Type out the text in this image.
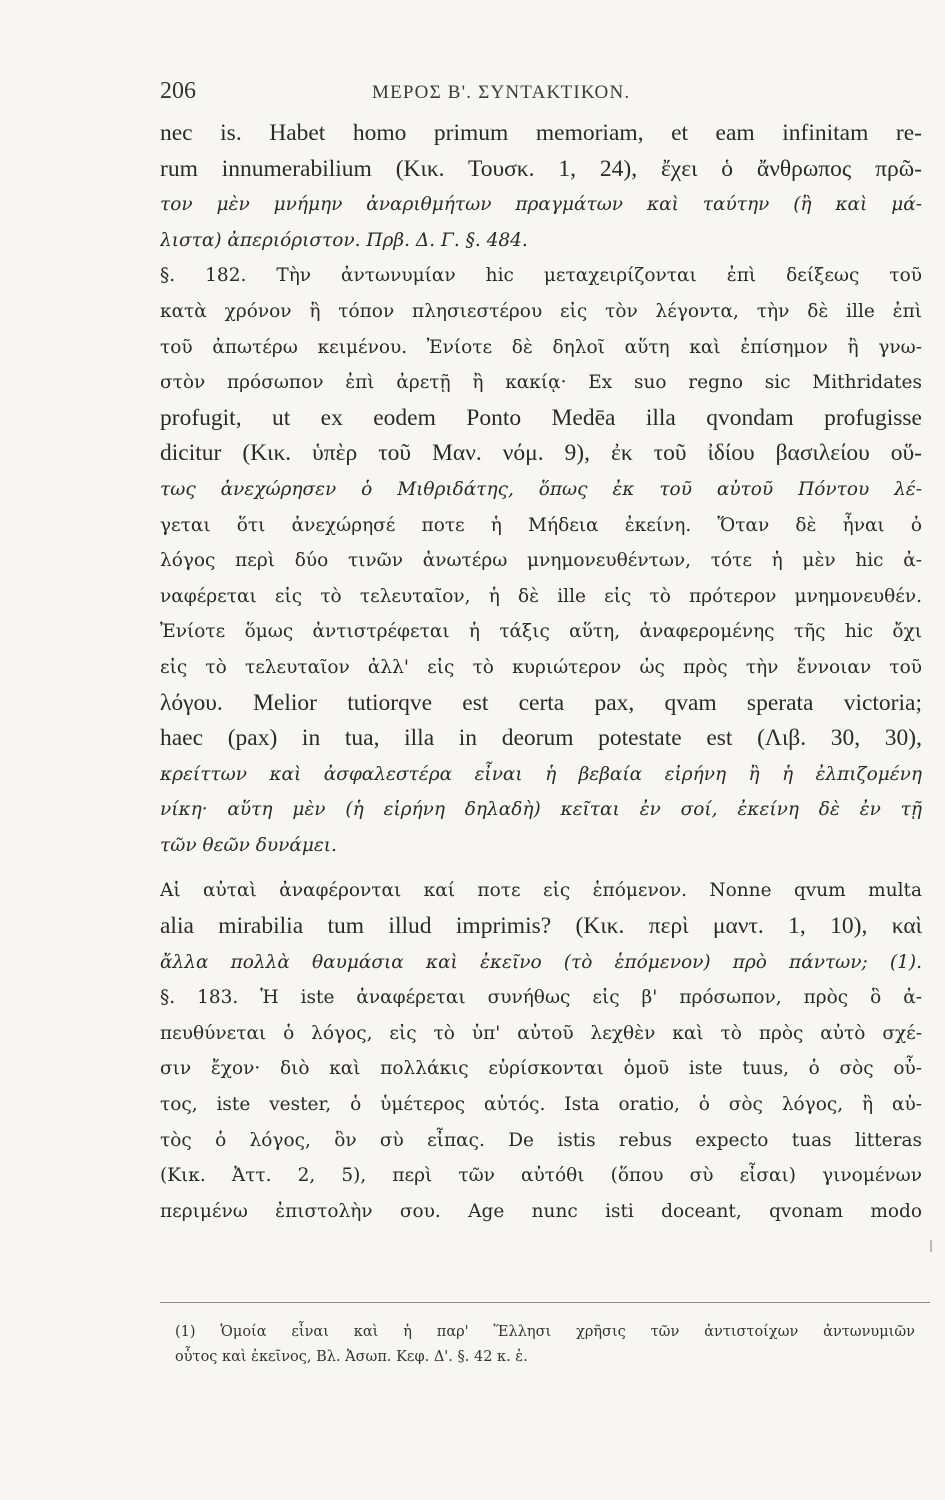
206	ΜΕΡΟΣ Β'. ΣΥΝΤΑΚΤΙΚΟΝ.
nec is. Habet homo primum memoriam, et eam infinitam re-
rum innumerabilium (Κικ. Τουσκ. 1, 24), ἔχει ὁ ἄνθρωπος πρῶ-
τον μὲν μνήμην ἀναριθμήτων πραγμάτων καὶ ταύτην (ἢ καὶ μά-
λιστα) ἀπεριόριστον. Πρβ. Δ. Γ. §. 484.
§. 182. Τὴν ἀντωνυμίαν hic μεταχειρίζονται ἐπὶ δείξεως τοῦ
κατὰ χρόνον ἢ τόπον πλησιεστέρου εἰς τὸν λέγοντα, τὴν δὲ ille ἐπὶ
τοῦ ἀπωτέρω κειμένου. Ἐνίοτε δὲ δηλοῖ αὕτη καὶ ἐπίσημον ἢ γνω-
στὸν πρόσωπον ἐπὶ ἀρετῇ ἢ κακίᾳ· Ex suo regno sic Mithridates
profugit, ut ex eodem Ponto Medēa illa qvondam profugisse
dicitur (Κικ. ὑπὲρ τοῦ Μαν. νόμ. 9), ἐκ τοῦ ἰδίου βασιλείου οὕ-
τως ἀνεχώρησεν ὁ Μιθριδάτης, ὅπως ἐκ τοῦ αὐτοῦ Πόντου λέ-
γεται ὅτι ἀνεχώρησέ ποτε ἡ Μήδεια ἐκείνη. Ὅταν δὲ ἦναι ὁ
λόγος περὶ δύο τινῶν ἀνωτέρω μνημονευθέντων, τότε ἡ μὲν hic ἀ-
ναφέρεται εἰς τὸ τελευταῖον, ἡ δὲ ille εἰς τὸ πρότερον μνημονευθέν.
Ἐνίοτε ὅμως ἀντιστρέφεται ἡ τάξις αὕτη, ἀναφερομένης τῆς hic ὄχι
εἰς τὸ τελευταῖον ἀλλ' εἰς τὸ κυριώτερον ὡς πρὸς τὴν ἔννοιαν τοῦ
λόγου. Melior tutiorqve est certa pax, qvam sperata victoria;
haec (pax) in tua, illa in deorum potestate est (Λιβ. 30, 30),
κρείττων καὶ ἀσφαλεστέρα εἶναι ἡ βεβαία εἰρήνη ἢ ἡ ἐλπιζομένη
νίκη· αὕτη μὲν (ἡ εἰρήνη δηλαδὴ) κεῖται ἐν σοί, ἐκείνη δὲ ἐν τῇ
τῶν θεῶν δυνάμει.
Αἱ αὐταὶ ἀναφέρονται καί ποτε εἰς ἑπόμενον. Nonne qvum multa
alia mirabilia tum illud imprimis? (Κικ. περὶ μαντ. 1, 10), καὶ
ἄλλα πολλὰ θαυμάσια καὶ ἐκεῖνο (τὸ ἑπόμενον) πρὸ πάντων; (1).
§. 183. Ἡ iste ἀναφέρεται συνήθως εἰς β' πρόσωπον, πρὸς ὃ ἀ-
πευθύνεται ὁ λόγος, εἰς τὸ ὑπ' αὐτοῦ λεχθὲν καὶ τὸ πρὸς αὐτὸ σχέ-
σιν ἔχον· διὸ καὶ πολλάκις εὑρίσκονται ὁμοῦ iste tuus, ὁ σὸς οὗ-
τος, iste vester, ὁ ὑμέτερος αὐτός. Ista oratio, ὁ σὸς λόγος, ἢ αὐ-
τὸς ὁ λόγος, ὃν σὺ εἶπας. De istis rebus expecto tuas litteras
(Κικ. Ἀττ. 2, 5), περὶ τῶν αὐτόθι (ὅπου σὺ εἶσαι) γινομένων
περιμένω ἐπιστολὴν σου. Age nunc isti doceant, qvonam modo
(1) Ὁμοία εἶναι καὶ ἡ παρ' Ἕλλησι χρῆσις τῶν ἀντιστοίχων ἀντωνυμιῶν
οὗτος καὶ ἐκεῖνος, Βλ. Ἀσωπ. Κεφ. Δ'. §. 42 κ. ἑ.
